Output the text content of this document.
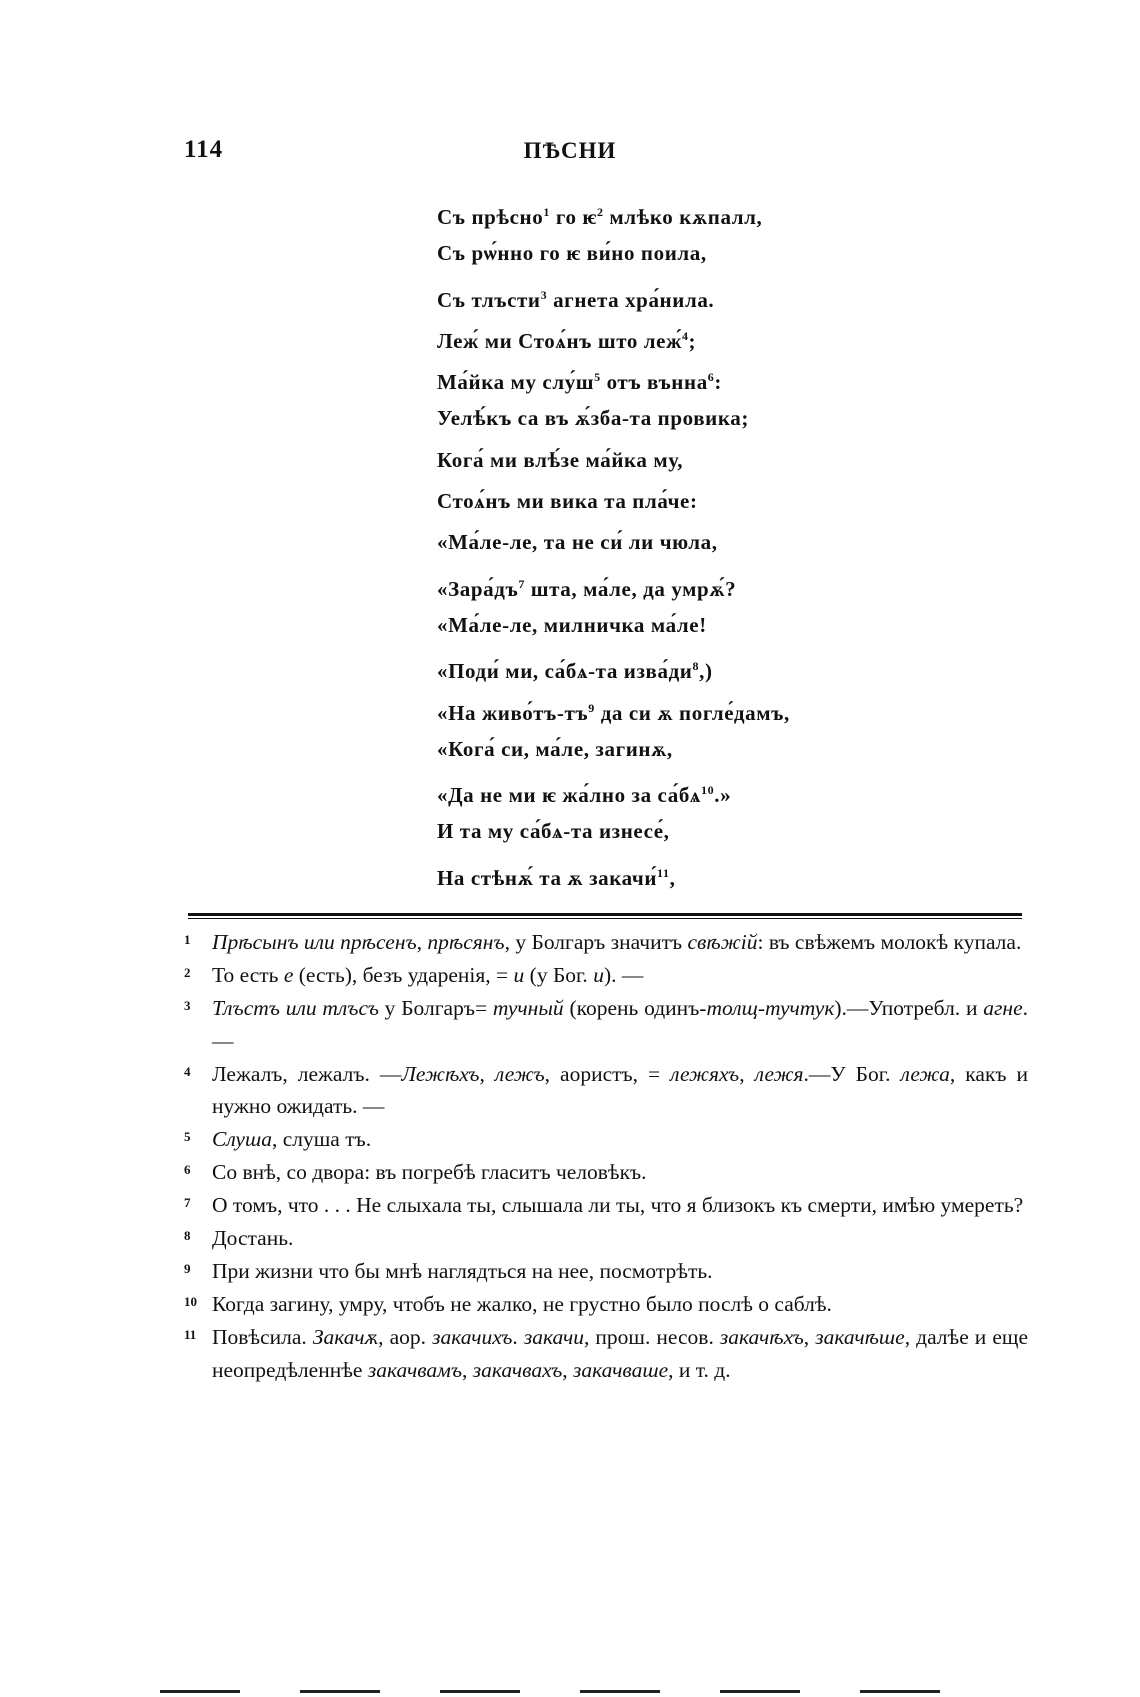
114	ПѢСНИ
Съ прѣсно$^1$ го $ѥ^2$ млѣко кѫпалл,
Съ рѡ́нно го ѥ ви́но поила,
Съ тлъсти$^3$ агнета хра́нила.
Леж́ ми Стоѧ́нъ што леж́$^4$;
Ма́йка му $слу́ш^5$ отъ вънна$^6$:
Уелѣ́къ са въ ѫ́зба-та провика;
Кога́ ми влѣ́зе ма́йка му,
Стоѧ́нъ ми вика та пла́че:
«Ма́ле-ле, та не си́ ли чюла,
«$Зара́дъ^7$ шта, ма́ле, да умрѫ́?
«Ма́ле-ле, милничка ма́ле!
«Поди́ ми, са́бѧ-та $изва́ди^8$,)
«На $живо́тъ-тъ^9$ да си ѫ погле́дамъ,
«Кога́ си, ма́ле, загинѫ,
«Да не ми ѥ жа́лно за $са́бѧ^{10}$.»
И та му са́бѧ-та изнесе́,
На стѣнѫ́ та ѫ закачи́$^{11}$,
1	Прѣсынъ или прѣсенъ, прѣсянъ, у Болгаръ значитъ свѣжій: въ свѣжемъ молокѣ купала.
2	То есть е (есть), безъ ударенія, = и (у Бог. и). —
3	Тлъстъ или тлъсъ у Болгаръ= тучный (корень одинъ-толщ-тучтук).—Употребл. и агне.—
4	Лежалъ, лежалъ. —Лежѣхъ, лежъ, аористъ, = лежяхъ, лежя.—У Бог. лежа, какъ и нужно ожидать. —
5	Слуша, слуша тъ.
6	Со внѣ, со двора: въ погребѣ гласитъ человѣкъ.
7	О томъ, что . . . Не слыхала ты, слышала ли ты, что я близокъ къ смерти, имѣю умереть?
8	Достань.
9	При жизни что бы мнѣ наглядться на нее, посмотрѣть.
10 Когда загину, умру, чтобъ не жалко, не грустно было послѣ о саблѣ.
11 Повѣсила. Закачѫ, аор. закачихъ. закачи, прош. несов. закачѣхъ, закачѣше, далѣе и еще неопредѣленнѣе закачвамъ, закачвахъ, закачваше, и т. д.
